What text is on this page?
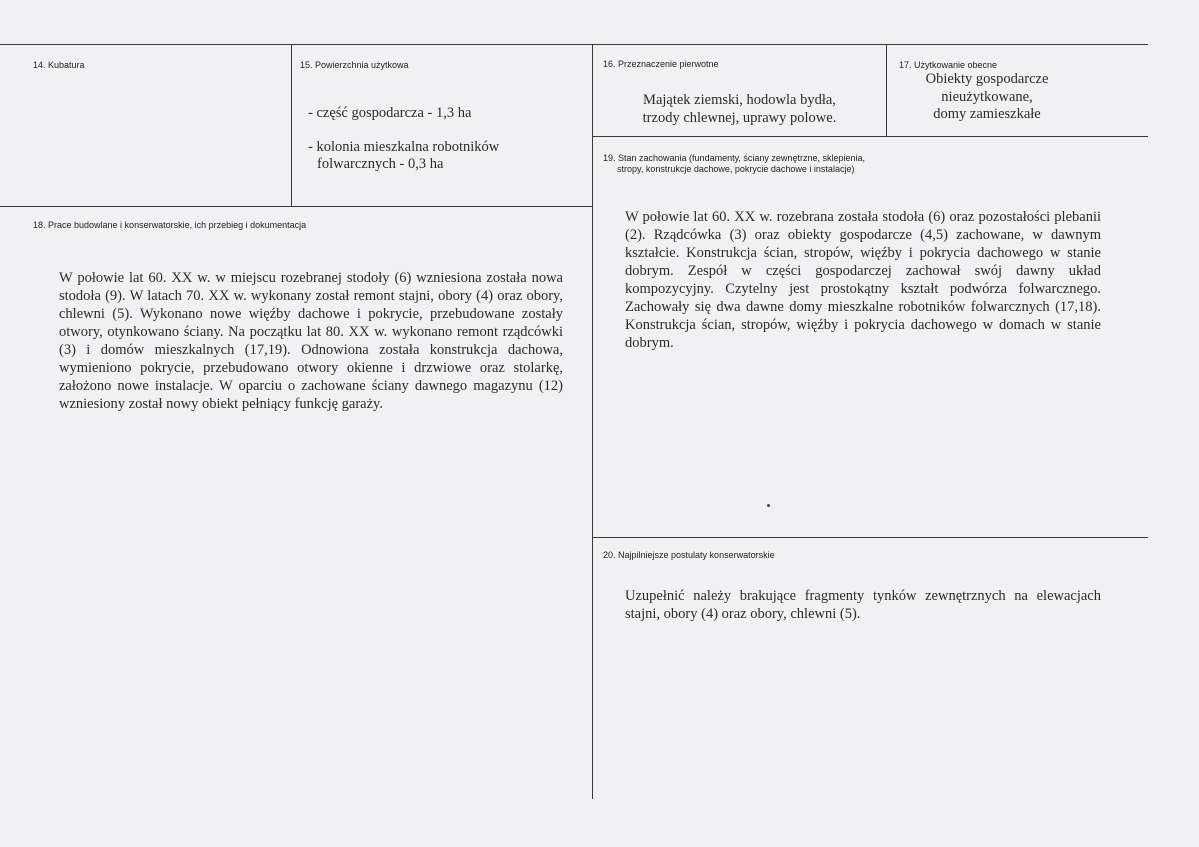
14. Kubatura	15. Powierzchnia użytkowa
- część gospodarcza - 1,3 ha
- kolonia mieszkalna robotników
folwarcznych - 0,3 ha
16. Przeznaczenie pierwotne
Majątek ziemski, hodowla bydła,
trzody chlewnej, uprawy polowe.
17. Użytkowanie obecne
Obiekty gospodarcze
nieużytkowane,
domy zamieszkałe
18. Prace budowlane i konserwatorskie, ich przebieg i dokumentacja
W połowie lat 60. XX w. w miejscu rozebranej stodoły (6) wzniesiona została nowa stodoła (9). W latach 70. XX w. wykonany został remont stajni, obory (4) oraz obory, chlewni (5). Wykonano nowe więźby dachowe i pokrycie, przebudowane zostały otwory, otynkowano ściany. Na początku lat 80. XX w. wykonano remont rządcówki (3) i domów mieszkalnych (17,19). Odnowiona została konstrukcja dachowa, wymieniono pokrycie, przebudowano otwory okienne i drzwiowe oraz stolarkę, założono nowe instalacje. W oparciu o zachowane ściany dawnego magazynu (12) wzniesiony został nowy obiekt pełniący funkcję garaży.
19. Stan zachowania (fundamenty, ściany zewnętrzne, sklepienia,
stropy, konstrukcje dachowe, pokrycie dachowe i instalacje)
W połowie lat 60. XX w. rozebrana została stodoła (6) oraz pozostałości plebanii (2). Rządcówka (3) oraz obiekty gospodarcze (4,5) zachowane, w dawnym kształcie. Konstrukcja ścian, stropów, więźby i pokrycia dachowego w stanie dobrym. Zespół w części gospodarczej zachował swój dawny układ kompozycyjny. Czytelny jest prostokątny kształt podwórza folwarcznego. Zachowały się dwa dawne domy mieszkalne robotników folwarcznych (17,18). Konstrukcja ścian, stropów, więźby i pokrycia dachowego w domach w stanie dobrym.
20. Najpilniejsze postulaty konserwatorskie
Uzupełnić należy brakujące fragmenty tynków zewnętrznych na elewacjach stajni, obory (4) oraz obory, chlewni (5).
